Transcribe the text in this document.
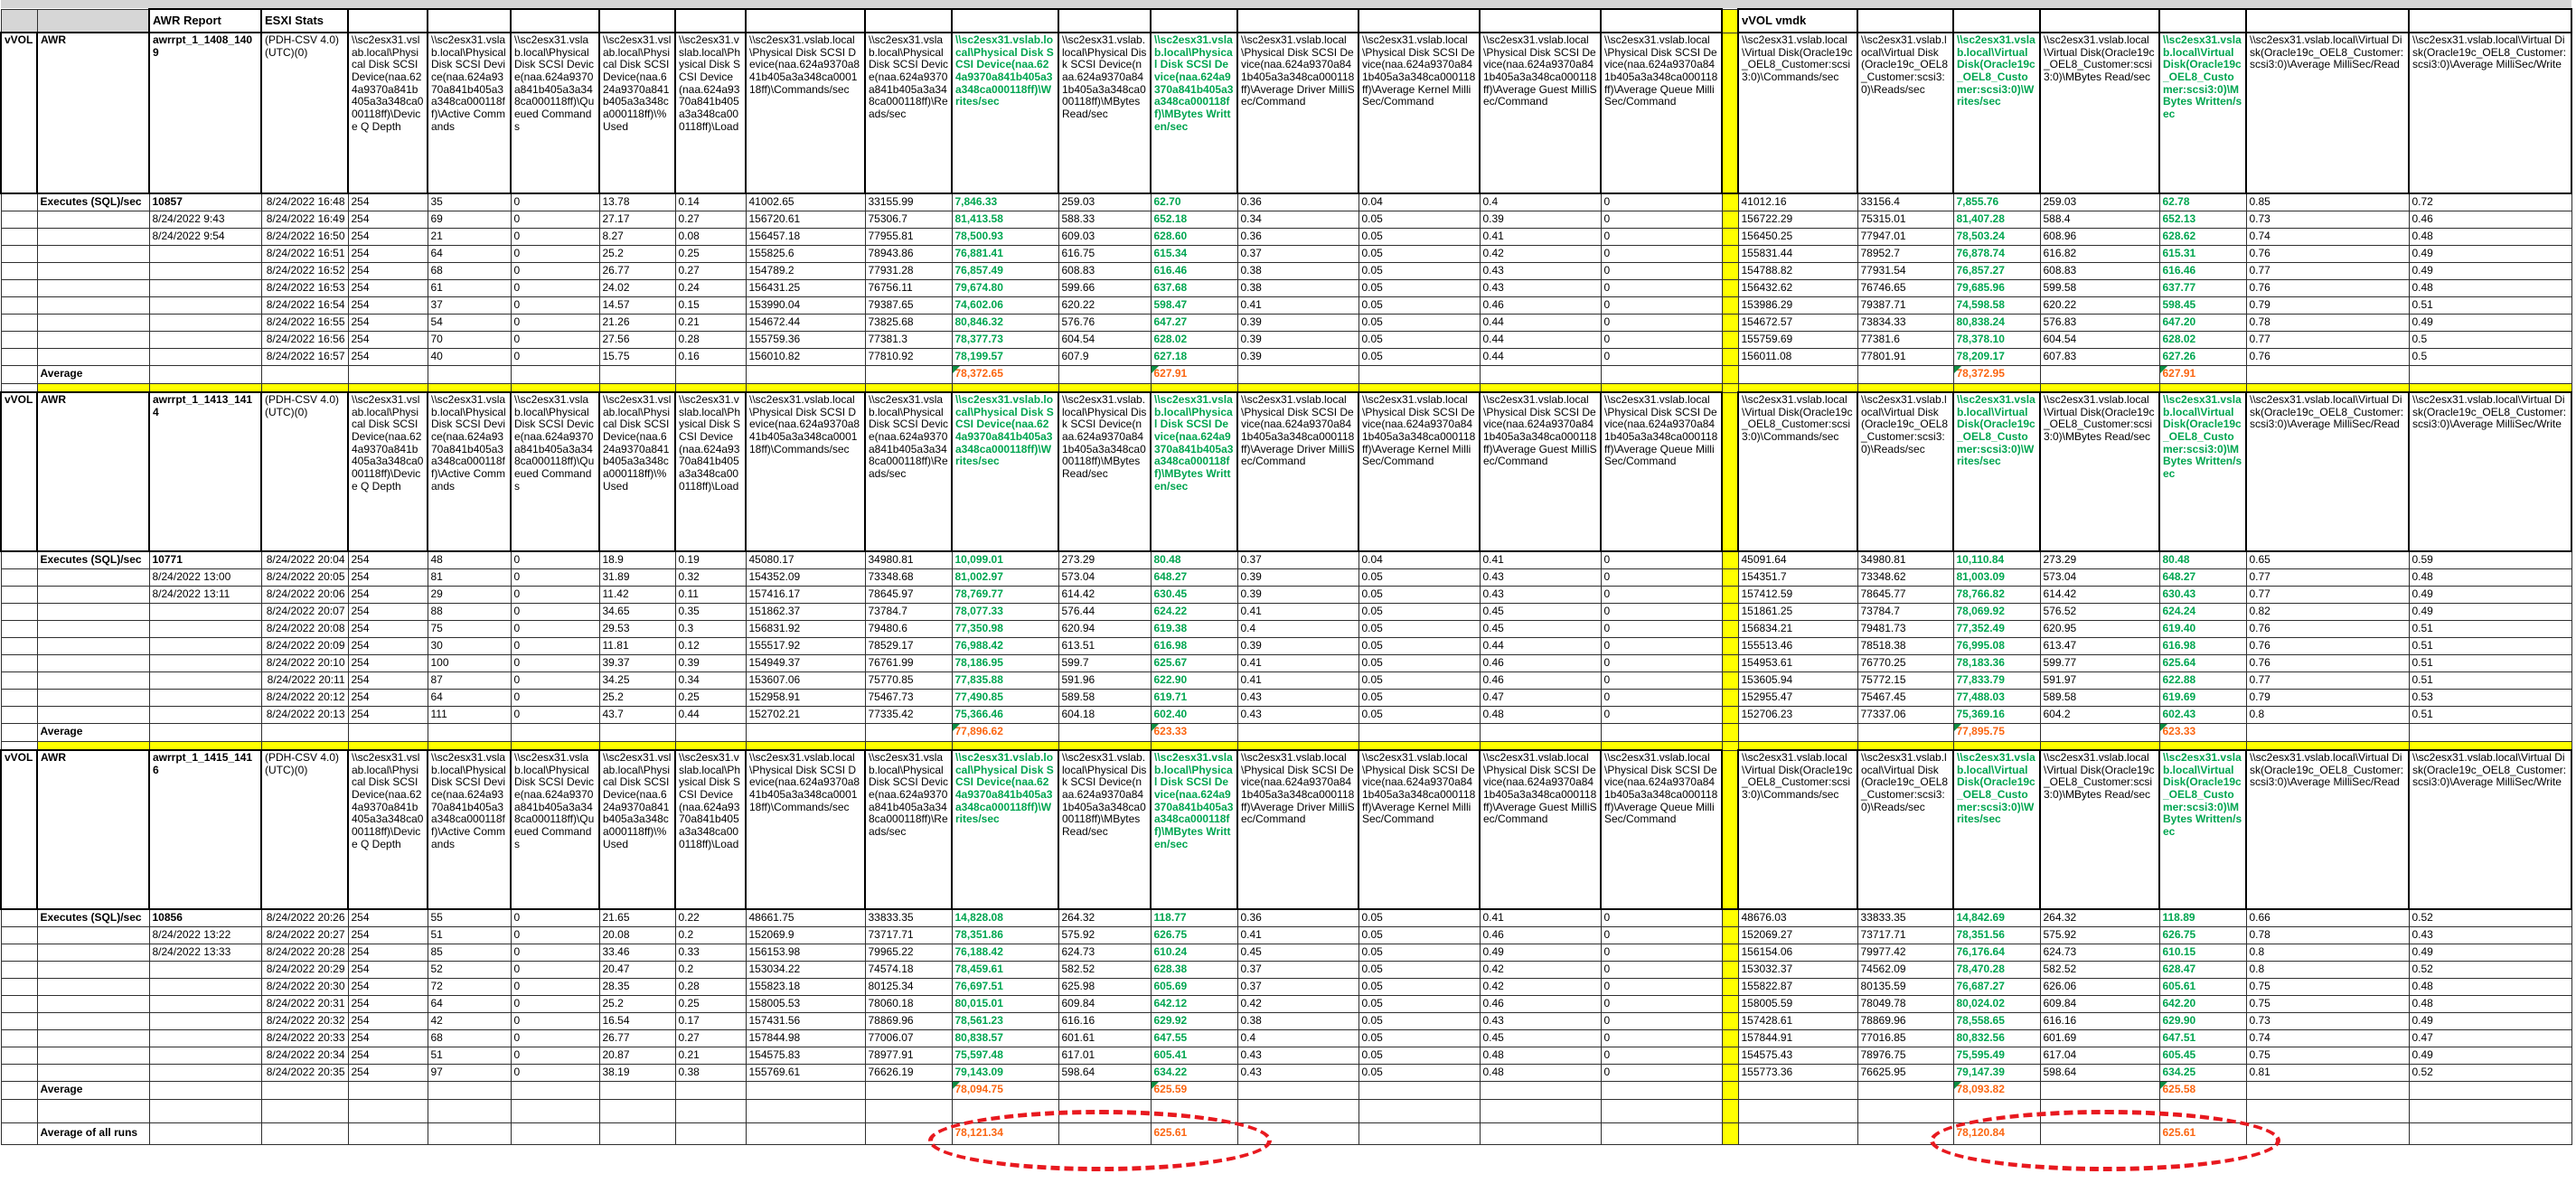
		AWR Report	ESXI Stats																vVOL vmdk						
vVOL	AWR	awrrpt_1_1408_1409	(PDH-CSV 4.0)(UTC)(0)	\\sc2esx31.vslab.local\Physical Disk SCSI Device(naa.624a9370a841b405a3a348ca000118ff)\Device Q Depth	\\sc2esx31.vslab.local\Physical Disk SCSI Device(naa.624a9370a841b405a3a348ca000118ff)\Active Commands	\\sc2esx31.vslab.local\Physical Disk SCSI Device(naa.624a9370a841b405a3a348ca000118ff)\Queued Commands	\\sc2esx31.vslab.local\Physical Disk SCSI Device(naa.624a9370a841b405a3a348ca000118ff)\%Used	\\sc2esx31.vslab.local\Physical Disk SCSI Device(naa.624a9370a841b405a3a348ca000118ff)\Load	\\sc2esx31.vslab.local\Physical Disk SCSI Device(naa.624a9370a841b405a3a348ca000118ff)\Commands/sec	\\sc2esx31.vslab.local\Physical Disk SCSI Device(naa.624a9370a841b405a3a348ca000118ff)\Reads/sec	\\sc2esx31.vslab.local\Physical Disk SCSI Device(naa.624a9370a841b405a3a348ca000118ff)\Writes/sec	\\sc2esx31.vslab.local\Physical Disk SCSI Device(naa.624a9370a841b405a3a348ca000118ff)\MBytes Read/sec	\\sc2esx31.vslab.local\Physical Disk SCSI Device(naa.624a9370a841b405a3a348ca000118ff)\MBytes Written/sec	\\sc2esx31.vslab.local\Physical Disk SCSI Device(naa.624a9370a841b405a3a348ca000118ff)\Average Driver MilliSec/Command	\\sc2esx31.vslab.local\Physical Disk SCSI Device(naa.624a9370a841b405a3a348ca000118ff)\Average Kernel MilliSec/Command	\\sc2esx31.vslab.local\Physical Disk SCSI Device(naa.624a9370a841b405a3a348ca000118ff)\Average Guest MilliSec/Command	\\sc2esx31.vslab.local\Physical Disk SCSI Device(naa.624a9370a841b405a3a348ca000118ff)\Average Queue MilliSec/Command		\\sc2esx31.vslab.local\Virtual Disk(Oracle19c_OEL8_Customer:scsi3:0)\Commands/sec	\\sc2esx31.vslab.local\Virtual Disk(Oracle19c_OEL8_Customer:scsi3:0)\Reads/sec	\\sc2esx31.vslab.local\Virtual Disk(Oracle19c_OEL8_Customer:scsi3:0)\Writes/sec	\\sc2esx31.vslab.local\Virtual Disk(Oracle19c_OEL8_Customer:scsi3:0)\MBytes Read/sec	\\sc2esx31.vslab.local\Virtual Disk(Oracle19c_OEL8_Customer:scsi3:0)\MBytes Written/sec	\\sc2esx31.vslab.local\Virtual Disk(Oracle19c_OEL8_Customer:scsi3:0)\Average MilliSec/Read	\\sc2esx31.vslab.local\Virtual Disk(Oracle19c_OEL8_Customer:scsi3:0)\Average MilliSec/Write
	Executes (SQL)/sec	10857	8/24/2022 16:48	254	35	0	13.78	0.14	41002.65	33155.99	7,846.33	259.03	62.70	0.36	0.04	0.4	0		41012.16	33156.4	7,855.76	259.03	62.78	0.85	0.72
		8/24/2022 9:43	8/24/2022 16:49	254	69	0	27.17	0.27	156720.61	75306.7	81,413.58	588.33	652.18	0.34	0.05	0.39	0		156722.29	75315.01	81,407.28	588.4	652.13	0.73	0.46
		8/24/2022 9:54	8/24/2022 16:50	254	21	0	8.27	0.08	156457.18	77955.81	78,500.93	609.03	628.60	0.36	0.05	0.41	0		156450.25	77947.01	78,503.24	608.96	628.62	0.74	0.48
			8/24/2022 16:51	254	64	0	25.2	0.25	155825.6	78943.86	76,881.41	616.75	615.34	0.37	0.05	0.42	0		155831.44	78952.7	76,878.74	616.82	615.31	0.76	0.49
			8/24/2022 16:52	254	68	0	26.77	0.27	154789.2	77931.28	76,857.49	608.83	616.46	0.38	0.05	0.43	0		154788.82	77931.54	76,857.27	608.83	616.46	0.77	0.49
			8/24/2022 16:53	254	61	0	24.02	0.24	156431.25	76756.11	79,674.80	599.66	637.68	0.38	0.05	0.43	0		156432.62	76746.65	79,685.96	599.58	637.77	0.76	0.48
			8/24/2022 16:54	254	37	0	14.57	0.15	153990.04	79387.65	74,602.06	620.22	598.47	0.41	0.05	0.46	0		153986.29	79387.71	74,598.58	620.22	598.45	0.79	0.51
			8/24/2022 16:55	254	54	0	21.26	0.21	154672.44	73825.68	80,846.32	576.76	647.27	0.39	0.05	0.44	0		154672.57	73834.33	80,838.24	576.83	647.20	0.78	0.49
			8/24/2022 16:56	254	70	0	27.56	0.28	155759.36	77381.3	78,377.73	604.54	628.02	0.39	0.05	0.44	0		155759.69	77381.6	78,378.10	604.54	628.02	0.77	0.5
			8/24/2022 16:57	254	40	0	15.75	0.16	156010.82	77810.92	78,199.57	607.9	627.18	0.39	0.05	0.44	0		156011.08	77801.91	78,209.17	607.83	627.26	0.76	0.5
	Average										78,372.65		627.91								78,372.95		627.91		

vVOL	AWR	awrrpt_1_1413_1414	(PDH-CSV 4.0)(UTC)(0)	\\sc2esx31.vslab.local\Physical Disk SCSI Device(naa.624a9370a841b405a3a348ca000118ff)\Device Q Depth	\\sc2esx31.vslab.local\Physical Disk SCSI Device(naa.624a9370a841b405a3a348ca000118ff)\Active Commands	\\sc2esx31.vslab.local\Physical Disk SCSI Device(naa.624a9370a841b405a3a348ca000118ff)\Queued Commands	\\sc2esx31.vslab.local\Physical Disk SCSI Device(naa.624a9370a841b405a3a348ca000118ff)\%Used	\\sc2esx31.vslab.local\Physical Disk SCSI Device(naa.624a9370a841b405a3a348ca000118ff)\Load	\\sc2esx31.vslab.local\Physical Disk SCSI Device(naa.624a9370a841b405a3a348ca000118ff)\Commands/sec	\\sc2esx31.vslab.local\Physical Disk SCSI Device(naa.624a9370a841b405a3a348ca000118ff)\Reads/sec	\\sc2esx31.vslab.local\Physical Disk SCSI Device(naa.624a9370a841b405a3a348ca000118ff)\Writes/sec	\\sc2esx31.vslab.local\Physical Disk SCSI Device(naa.624a9370a841b405a3a348ca000118ff)\MBytes Read/sec	\\sc2esx31.vslab.local\Physical Disk SCSI Device(naa.624a9370a841b405a3a348ca000118ff)\MBytes Written/sec	\\sc2esx31.vslab.local\Physical Disk SCSI Device(naa.624a9370a841b405a3a348ca000118ff)\Average Driver MilliSec/Command	\\sc2esx31.vslab.local\Physical Disk SCSI Device(naa.624a9370a841b405a3a348ca000118ff)\Average Kernel MilliSec/Command	\\sc2esx31.vslab.local\Physical Disk SCSI Device(naa.624a9370a841b405a3a348ca000118ff)\Average Guest MilliSec/Command	\\sc2esx31.vslab.local\Physical Disk SCSI Device(naa.624a9370a841b405a3a348ca000118ff)\Average Queue MilliSec/Command		\\sc2esx31.vslab.local\Virtual Disk(Oracle19c_OEL8_Customer:scsi3:0)\Commands/sec	\\sc2esx31.vslab.local\Virtual Disk(Oracle19c_OEL8_Customer:scsi3:0)\Reads/sec	\\sc2esx31.vslab.local\Virtual Disk(Oracle19c_OEL8_Customer:scsi3:0)\Writes/sec	\\sc2esx31.vslab.local\Virtual Disk(Oracle19c_OEL8_Customer:scsi3:0)\MBytes Read/sec	\\sc2esx31.vslab.local\Virtual Disk(Oracle19c_OEL8_Customer:scsi3:0)\MBytes Written/sec	\\sc2esx31.vslab.local\Virtual Disk(Oracle19c_OEL8_Customer:scsi3:0)\Average MilliSec/Read	\\sc2esx31.vslab.local\Virtual Disk(Oracle19c_OEL8_Customer:scsi3:0)\Average MilliSec/Write
	Executes (SQL)/sec	10771	8/24/2022 20:04	254	48	0	18.9	0.19	45080.17	34980.81	10,099.01	273.29	80.48	0.37	0.04	0.41	0		45091.64	34980.81	10,110.84	273.29	80.48	0.65	0.59
		8/24/2022 13:00	8/24/2022 20:05	254	81	0	31.89	0.32	154352.09	73348.68	81,002.97	573.04	648.27	0.39	0.05	0.43	0		154351.7	73348.62	81,003.09	573.04	648.27	0.77	0.48
		8/24/2022 13:11	8/24/2022 20:06	254	29	0	11.42	0.11	157416.17	78645.97	78,769.77	614.42	630.45	0.39	0.05	0.43	0		157412.59	78645.77	78,766.82	614.42	630.43	0.77	0.49
			8/24/2022 20:07	254	88	0	34.65	0.35	151862.37	73784.7	78,077.33	576.44	624.22	0.41	0.05	0.45	0		151861.25	73784.7	78,069.92	576.52	624.24	0.82	0.49
			8/24/2022 20:08	254	75	0	29.53	0.3	156831.92	79480.6	77,350.98	620.94	619.38	0.4	0.05	0.45	0		156834.21	79481.73	77,352.49	620.95	619.40	0.76	0.51
			8/24/2022 20:09	254	30	0	11.81	0.12	155517.92	78529.17	76,988.42	613.51	616.98	0.39	0.05	0.44	0		155513.46	78518.38	76,995.08	613.47	616.98	0.76	0.51
			8/24/2022 20:10	254	100	0	39.37	0.39	154949.37	76761.99	78,186.95	599.7	625.67	0.41	0.05	0.46	0		154953.61	76770.25	78,183.36	599.77	625.64	0.76	0.51
			8/24/2022 20:11	254	87	0	34.25	0.34	153607.06	75770.85	77,835.88	591.96	622.90	0.41	0.05	0.46	0		153605.94	75772.15	77,833.79	591.97	622.88	0.77	0.51
			8/24/2022 20:12	254	64	0	25.2	0.25	152958.91	75467.73	77,490.85	589.58	619.71	0.43	0.05	0.47	0		152955.47	75467.45	77,488.03	589.58	619.69	0.79	0.53
			8/24/2022 20:13	254	111	0	43.7	0.44	152702.21	77335.42	75,366.46	604.18	602.40	0.43	0.05	0.48	0		152706.23	77337.06	75,369.16	604.2	602.43	0.8	0.51
	Average										77,896.62		623.33								77,895.75		623.33		

vVOL	AWR	awrrpt_1_1415_1416	(PDH-CSV 4.0)(UTC)(0)	\\sc2esx31.vslab.local\Physical Disk SCSI Device(naa.624a9370a841b405a3a348ca000118ff)\Device Q Depth	\\sc2esx31.vslab.local\Physical Disk SCSI Device(naa.624a9370a841b405a3a348ca000118ff)\Active Commands	\\sc2esx31.vslab.local\Physical Disk SCSI Device(naa.624a9370a841b405a3a348ca000118ff)\Queued Commands	\\sc2esx31.vslab.local\Physical Disk SCSI Device(naa.624a9370a841b405a3a348ca000118ff)\%Used	\\sc2esx31.vslab.local\Physical Disk SCSI Device(naa.624a9370a841b405a3a348ca000118ff)\Load	\\sc2esx31.vslab.local\Physical Disk SCSI Device(naa.624a9370a841b405a3a348ca000118ff)\Commands/sec	\\sc2esx31.vslab.local\Physical Disk SCSI Device(naa.624a9370a841b405a3a348ca000118ff)\Reads/sec	\\sc2esx31.vslab.local\Physical Disk SCSI Device(naa.624a9370a841b405a3a348ca000118ff)\Writes/sec	\\sc2esx31.vslab.local\Physical Disk SCSI Device(naa.624a9370a841b405a3a348ca000118ff)\MBytes Read/sec	\\sc2esx31.vslab.local\Physical Disk SCSI Device(naa.624a9370a841b405a3a348ca000118ff)\MBytes Written/sec	\\sc2esx31.vslab.local\Physical Disk SCSI Device(naa.624a9370a841b405a3a348ca000118ff)\Average Driver MilliSec/Command	\\sc2esx31.vslab.local\Physical Disk SCSI Device(naa.624a9370a841b405a3a348ca000118ff)\Average Kernel MilliSec/Command	\\sc2esx31.vslab.local\Physical Disk SCSI Device(naa.624a9370a841b405a3a348ca000118ff)\Average Guest MilliSec/Command	\\sc2esx31.vslab.local\Physical Disk SCSI Device(naa.624a9370a841b405a3a348ca000118ff)\Average Queue MilliSec/Command		\\sc2esx31.vslab.local\Virtual Disk(Oracle19c_OEL8_Customer:scsi3:0)\Commands/sec	\\sc2esx31.vslab.local\Virtual Disk(Oracle19c_OEL8_Customer:scsi3:0)\Reads/sec	\\sc2esx31.vslab.local\Virtual Disk(Oracle19c_OEL8_Customer:scsi3:0)\Writes/sec	\\sc2esx31.vslab.local\Virtual Disk(Oracle19c_OEL8_Customer:scsi3:0)\MBytes Read/sec	\\sc2esx31.vslab.local\Virtual Disk(Oracle19c_OEL8_Customer:scsi3:0)\MBytes Written/sec	\\sc2esx31.vslab.local\Virtual Disk(Oracle19c_OEL8_Customer:scsi3:0)\Average MilliSec/Read	\\sc2esx31.vslab.local\Virtual Disk(Oracle19c_OEL8_Customer:scsi3:0)\Average MilliSec/Write
	Executes (SQL)/sec	10856	8/24/2022 20:26	254	55	0	21.65	0.22	48661.75	33833.35	14,828.08	264.32	118.77	0.36	0.05	0.41	0		48676.03	33833.35	14,842.69	264.32	118.89	0.66	0.52
		8/24/2022 13:22	8/24/2022 20:27	254	51	0	20.08	0.2	152069.9	73717.71	78,351.86	575.92	626.75	0.41	0.05	0.46	0		152069.27	73717.71	78,351.56	575.92	626.75	0.78	0.43
		8/24/2022 13:33	8/24/2022 20:28	254	85	0	33.46	0.33	156153.98	79965.22	76,188.42	624.73	610.24	0.45	0.05	0.49	0		156154.06	79977.42	76,176.64	624.73	610.15	0.8	0.49
			8/24/2022 20:29	254	52	0	20.47	0.2	153034.22	74574.18	78,459.61	582.52	628.38	0.37	0.05	0.42	0		153032.37	74562.09	78,470.28	582.52	628.47	0.8	0.52
			8/24/2022 20:30	254	72	0	28.35	0.28	155823.18	80125.34	76,697.51	625.98	605.69	0.37	0.05	0.42	0		155822.87	80135.59	76,687.27	626.06	605.61	0.75	0.48
			8/24/2022 20:31	254	64	0	25.2	0.25	158005.53	78060.18	80,015.01	609.84	642.12	0.42	0.05	0.46	0		158005.59	78049.78	80,024.02	609.84	642.20	0.75	0.48
			8/24/2022 20:32	254	42	0	16.54	0.17	157431.56	78869.96	78,561.23	616.16	629.92	0.38	0.05	0.43	0		157428.61	78869.96	78,558.65	616.16	629.90	0.73	0.49
			8/24/2022 20:33	254	68	0	26.77	0.27	157844.98	77006.07	80,838.57	601.61	647.55	0.4	0.05	0.45	0		157844.91	77016.85	80,832.56	601.69	647.51	0.74	0.47
			8/24/2022 20:34	254	51	0	20.87	0.21	154575.83	78977.91	75,597.48	617.01	605.41	0.43	0.05	0.48	0		154575.43	78976.75	75,595.49	617.04	605.45	0.75	0.49
			8/24/2022 20:35	254	97	0	38.19	0.38	155769.61	76626.19	79,143.09	598.64	634.22	0.43	0.05	0.48	0		155773.36	76625.95	79,147.39	598.64	634.25	0.81	0.52
	Average										78,094.75		625.59								78,093.82		625.58		

	Average of all runs										78,121.34		625.61								78,120.84		625.61		
